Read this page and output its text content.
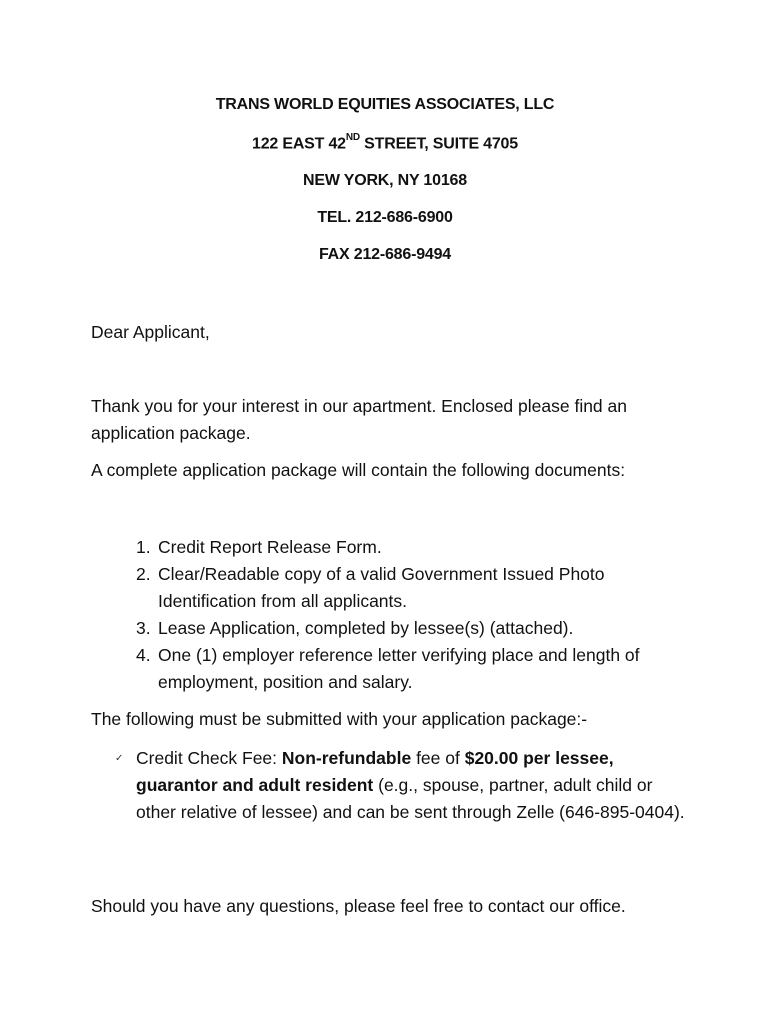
TRANS WORLD EQUITIES ASSOCIATES, LLC
122 EAST 42ND STREET, SUITE 4705
NEW YORK, NY 10168
TEL. 212-686-6900
FAX 212-686-9494
Dear Applicant,
Thank you for your interest in our apartment. Enclosed please find an application package.
A complete application package will contain the following documents:
1. Credit Report Release Form.
2. Clear/Readable copy of a valid Government Issued Photo Identification from all applicants.
3. Lease Application, completed by lessee(s) (attached).
4. One (1) employer reference letter verifying place and length of employment, position and salary.
The following must be submitted with your application package:-
✓ Credit Check Fee: Non-refundable fee of $20.00 per lessee, guarantor and adult resident (e.g., spouse, partner, adult child or other relative of lessee) and can be sent through Zelle (646-895-0404).
Should you have any questions, please feel free to contact our office.
